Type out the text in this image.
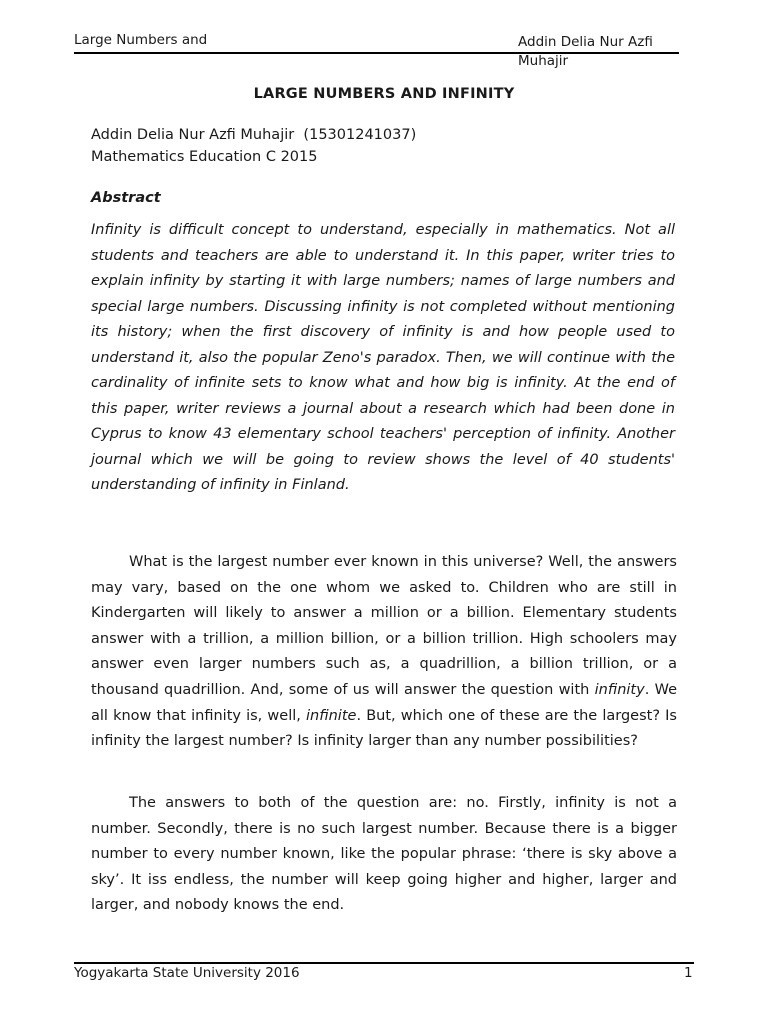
Large Numbers and	Addin Delia Nur Azfi Muhajir
LARGE NUMBERS AND INFINITY
Addin Delia Nur Azfi Muhajir  (15301241037)
Mathematics Education C 2015
Abstract
Infinity is difficult concept to understand, especially in mathematics. Not all students and teachers are able to understand it. In this paper, writer tries to explain infinity by starting it with large numbers; names of large numbers and special large numbers. Discussing infinity is not completed without mentioning its history; when the first discovery of infinity is and how people used to understand it, also the popular Zeno's paradox. Then, we will continue with the cardinality of infinite sets to know what and how big is infinity. At the end of this paper, writer reviews a journal about a research which had been done in Cyprus to know 43 elementary school teachers' perception of infinity. Another journal which we will be going to review shows the level of 40 students' understanding of infinity in Finland.

What is the largest number ever known in this universe? Well, the answers may vary, based on the one whom we asked to. Children who are still in Kindergarten will likely to answer a million or a billion. Elementary students answer with a trillion, a million billion, or a billion trillion. High schoolers may answer even larger numbers such as, a quadrillion, a billion trillion, or a thousand quadrillion. And, some of us will answer the question with infinity. We all know that infinity is, well, infinite. But, which one of these are the largest? Is infinity the largest number? Is infinity larger than any number possibilities?

The answers to both of the question are: no. Firstly, infinity is not a number. Secondly, there is no such largest number. Because there is a bigger number to every number known, like the popular phrase: ‘there is sky above a sky’. It iss endless, the number will keep going higher and higher, larger and larger, and nobody knows the end.

Yogyakarta State University 2016	1
